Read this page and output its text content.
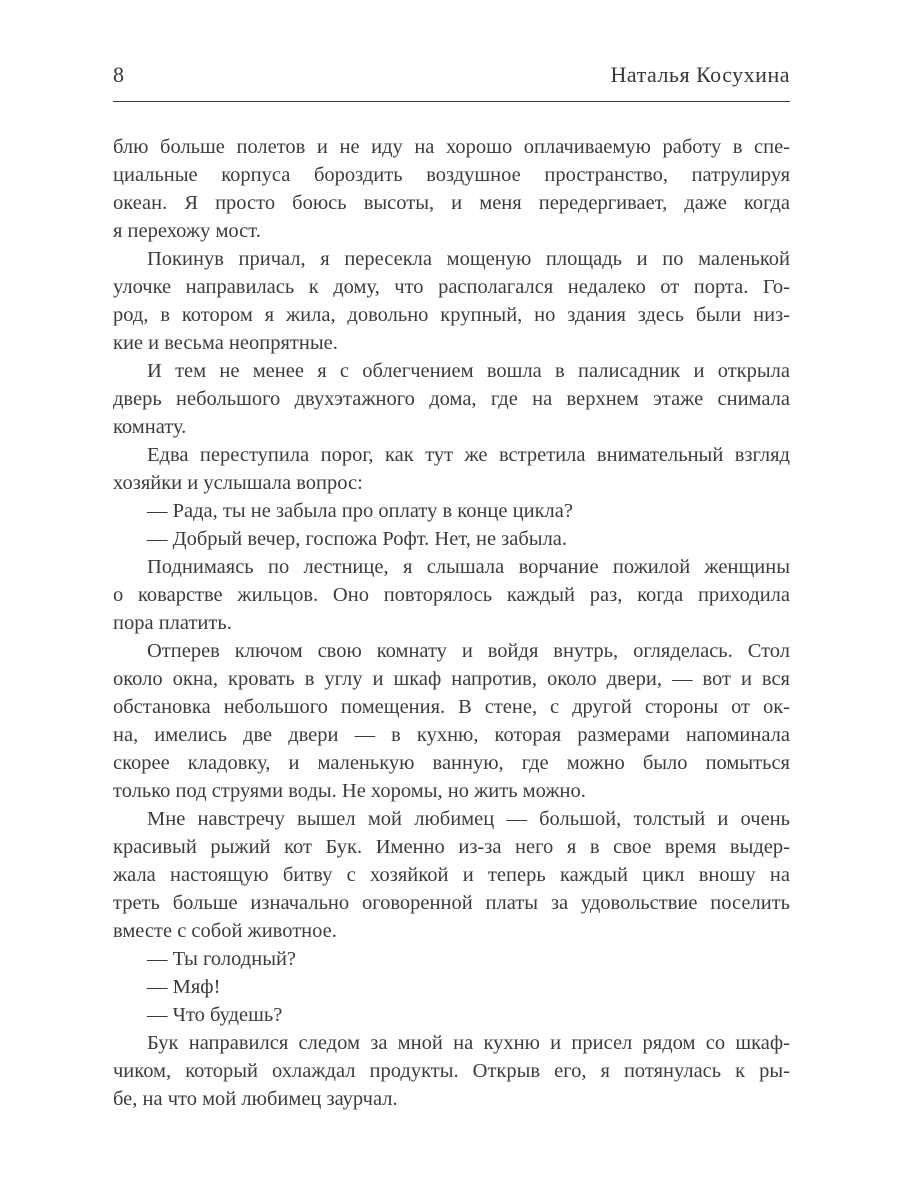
8	Наталья Косухина
блю больше полетов и не иду на хорошо оплачиваемую работу в спе-
циальные корпуса бороздить воздушное пространство, патрулируя
океан. Я просто боюсь высоты, и меня передергивает, даже когда
я перехожу мост.
Покинув причал, я пересекла мощеную площадь и по маленькой
улочке направилась к дому, что располагался недалеко от порта. Го-
род, в котором я жила, довольно крупный, но здания здесь были низ-
кие и весьма неопрятные.
И тем не менее я с облегчением вошла в палисадник и открыла
дверь небольшого двухэтажного дома, где на верхнем этаже снимала
комнату.
Едва переступила порог, как тут же встретила внимательный взгляд
хозяйки и услышала вопрос:
— Рада, ты не забыла про оплату в конце цикла?
— Добрый вечер, госпожа Рофт. Нет, не забыла.
Поднимаясь по лестнице, я слышала ворчание пожилой женщины
о коварстве жильцов. Оно повторялось каждый раз, когда приходила
пора платить.
Отперев ключом свою комнату и войдя внутрь, огляделась. Стол
около окна, кровать в углу и шкаф напротив, около двери, — вот и вся
обстановка небольшого помещения. В стене, с другой стороны от ок-
на, имелись две двери — в кухню, которая размерами напоминала
скорее кладовку, и маленькую ванную, где можно было помыться
только под струями воды. Не хоромы, но жить можно.
Мне навстречу вышел мой любимец — большой, толстый и очень
красивый рыжий кот Бук. Именно из-за него я в свое время выдер-
жала настоящую битву с хозяйкой и теперь каждый цикл вношу на
треть больше изначально оговоренной платы за удовольствие поселить
вместе с собой животное.
— Ты голодный?
— Мяф!
— Что будешь?
Бук направился следом за мной на кухню и присел рядом со шкаф-
чиком, который охлаждал продукты. Открыв его, я потянулась к ры-
бе, на что мой любимец заурчал.
